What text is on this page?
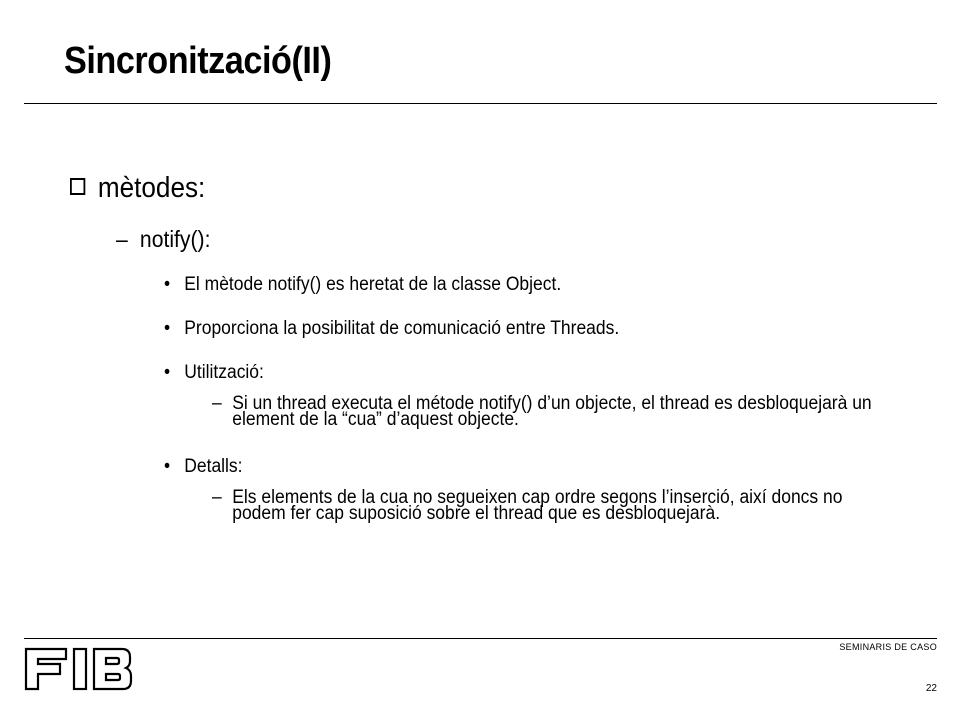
Sincronització(II)
mètodes:
– notify():
• El mètode notify() es heretat de la classe Object.
• Proporciona la posibilitat de comunicació entre Threads.
• Utilització:
– Si un thread executa el métode notify() d’un objecte, el thread es desbloquejarà un element de la “cua” d’aquest objecte.
• Detalls:
– Els elements de la cua no segueixen cap ordre segons l’inserció, així doncs no podem fer cap suposició sobre el thread que es desbloquejarà.
SEMINARIS DE CASO
22
